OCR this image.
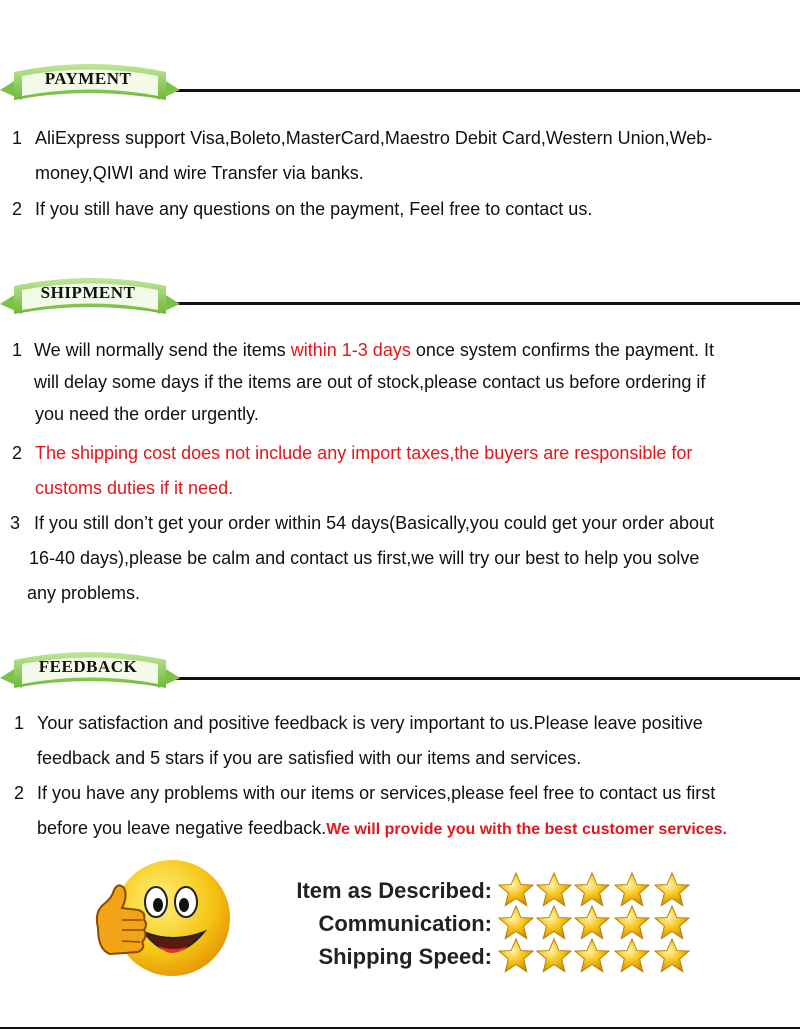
PAYMENT
1 AliExpress support Visa,Boleto,MasterCard,Maestro Debit Card,Western Union,Web-
money,QIWI and wire Transfer via banks.
2 If you still have any questions on the payment, Feel free to contact us.
SHIPMENT
1 We will normally send the items within 1-3 days once system confirms the payment. It
will delay some days if the items are out of stock,please contact us before ordering if
you need the order urgently.
2 The shipping cost does not include any import taxes,the buyers are responsible for
customs duties if it need.
3 If you still don’t get your order within 54 days(Basically,you could get your order about
16-40 days),please be calm and contact us first,we will try our best to help you solve
any problems.
FEEDBACK
1 Your satisfaction and positive feedback is very important to us.Please leave positive
feedback and 5 stars if you are satisfied with our items and services.
2 If you have any problems with our items or services,please feel free to contact us first
before you leave negative feedback.We will provide you with the best customer services.
Item as Described:
Communication:
Shipping Speed:
